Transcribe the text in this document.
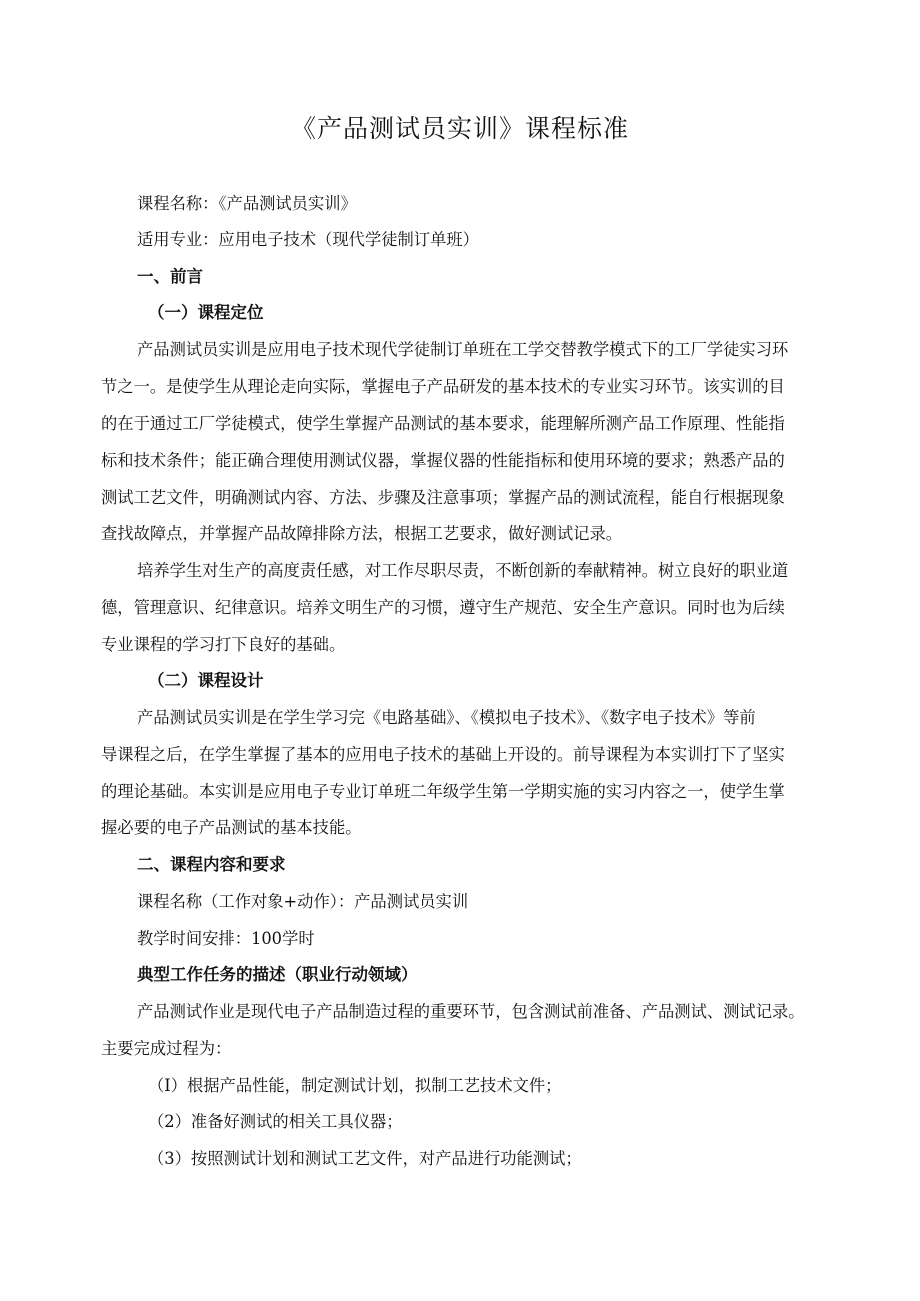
《产品测试员实训》课程标准

课程名称：《产品测试员实训》

适用专业：应用电子技术（现代学徒制订单班）

一、前言

（一）课程定位

产品测试员实训是应用电子技术现代学徒制订单班在工学交替教学模式下的工厂学徒实习环

节之一。是使学生从理论走向实际，掌握电子产品研发的基本技术的专业实习环节。该实训的目

的在于通过工厂学徒模式，使学生掌握产品测试的基本要求，能理解所测产品工作原理、性能指

标和技术条件；能正确合理使用测试仪器，掌握仪器的性能指标和使用环境的要求；熟悉产品的

测试工艺文件，明确测试内容、方法、步骤及注意事项；掌握产品的测试流程，能自行根据现象

查找故障点，并掌握产品故障排除方法，根据工艺要求，做好测试记录。

培养学生对生产的高度责任感，对工作尽职尽责，不断创新的奉献精神。树立良好的职业道

德，管理意识、纪律意识。培养文明生产的习惯，遵守生产规范、安全生产意识。同时也为后续

专业课程的学习打下良好的基础。

（二）课程设计

产品测试员实训是在学生学习完《电路基础》、《模拟电子技术》、《数字电子技术》等前

导课程之后，在学生掌握了基本的应用电子技术的基础上开设的。前导课程为本实训打下了坚实

的理论基础。本实训是应用电子专业订单班二年级学生第一学期实施的实习内容之一，使学生掌

握必要的电子产品测试的基本技能。

二、课程内容和要求

课程名称（工作对象+动作）：产品测试员实训

教学时间安排：100学时

典型工作任务的描述（职业行动领域）

产品测试作业是现代电子产品制造过程的重要环节，包含测试前准备、产品测试、测试记录。

主要完成过程为：

（I）根据产品性能，制定测试计划，拟制工艺技术文件；

（2）准备好测试的相关工具仪器；

（3）按照测试计划和测试工艺文件，对产品进行功能测试；
